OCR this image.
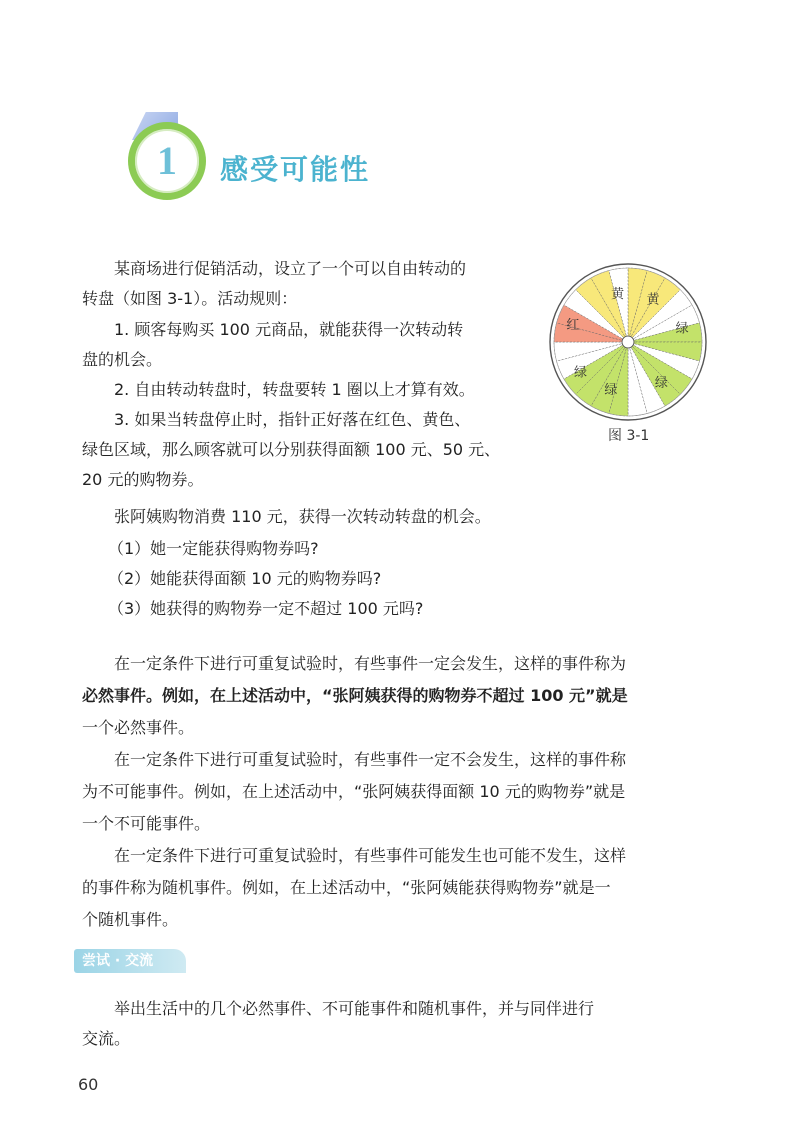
1	感受可能性

某商场进行促销活动，设立了一个可以自由转动的

转盘（如图 3-1）。活动规则：

1. 顾客每购买 100 元商品，就能获得一次转动转

盘的机会。

2. 自由转动转盘时，转盘要转 1 圈以上才算有效。

3. 如果当转盘停止时，指针正好落在红色、黄色、

绿色区域，那么顾客就可以分别获得面额 100 元、50 元、

20 元的购物券。

张阿姨购物消费 110 元，获得一次转动转盘的机会。

（1）她一定能获得购物券吗?

（2）她能获得面额 10 元的购物券吗?

（3）她获得的购物券一定不超过 100 元吗?

黄 黄
红	绿
绿
绿
绿
图 3-1

在一定条件下进行可重复试验时，有些事件一定会发生，这样的事件称为

必然事件。例如，在上述活动中，“张阿姨获得的购物券不超过 100 元”就是

一个必然事件。

在一定条件下进行可重复试验时，有些事件一定不会发生，这样的事件称

为不可能事件。例如，在上述活动中，“张阿姨获得面额 10 元的购物券”就是

一个不可能事件。

在一定条件下进行可重复试验时，有些事件可能发生也可能不发生，这样

的事件称为随机事件。例如，在上述活动中，“张阿姨能获得购物券”就是一

个随机事件。

尝试 · 交流

举出生活中的几个必然事件、不可能事件和随机事件，并与同伴进行

交流。

60
